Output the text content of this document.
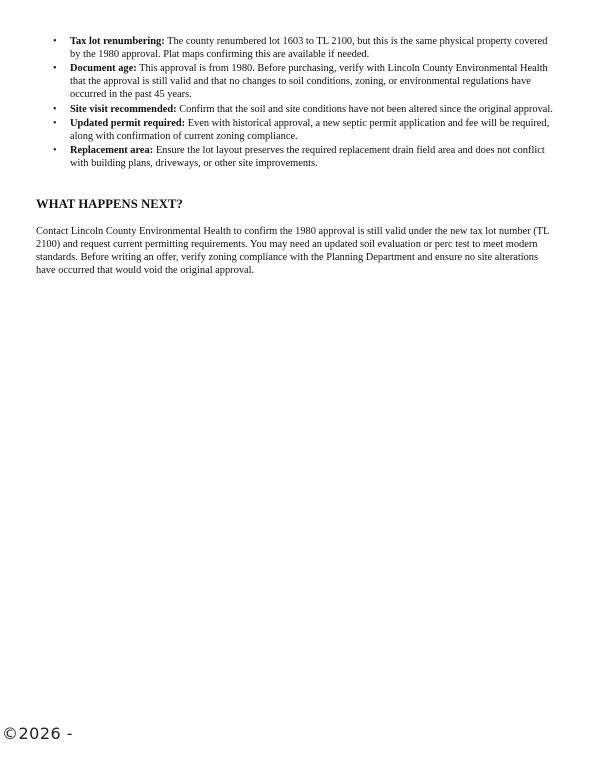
• Tax lot renumbering: The county renumbered lot 1603 to TL 2100, but this is the same physical property covered by the 1980 approval. Plat maps confirming this are available if needed.
• Document age: This approval is from 1980. Before purchasing, verify with Lincoln County Environmental Health that the approval is still valid and that no changes to soil conditions, zoning, or environmental regulations have occurred in the past 45 years.
• Site visit recommended: Confirm that the soil and site conditions have not been altered since the original approval.
• Updated permit required: Even with historical approval, a new septic permit application and fee will be required, along with confirmation of current zoning compliance.
• Replacement area: Ensure the lot layout preserves the required replacement drain field area and does not conflict with building plans, driveways, or other site improvements.
WHAT HAPPENS NEXT?

Contact Lincoln County Environmental Health to confirm the 1980 approval is still valid under the new tax lot number (TL 2100) and request current permitting requirements. You may need an updated soil evaluation or perc test to meet modern standards. Before writing an offer, verify zoning compliance with the Planning Department and ensure no site alterations have occurred that would void the original approval.

©2026 -
